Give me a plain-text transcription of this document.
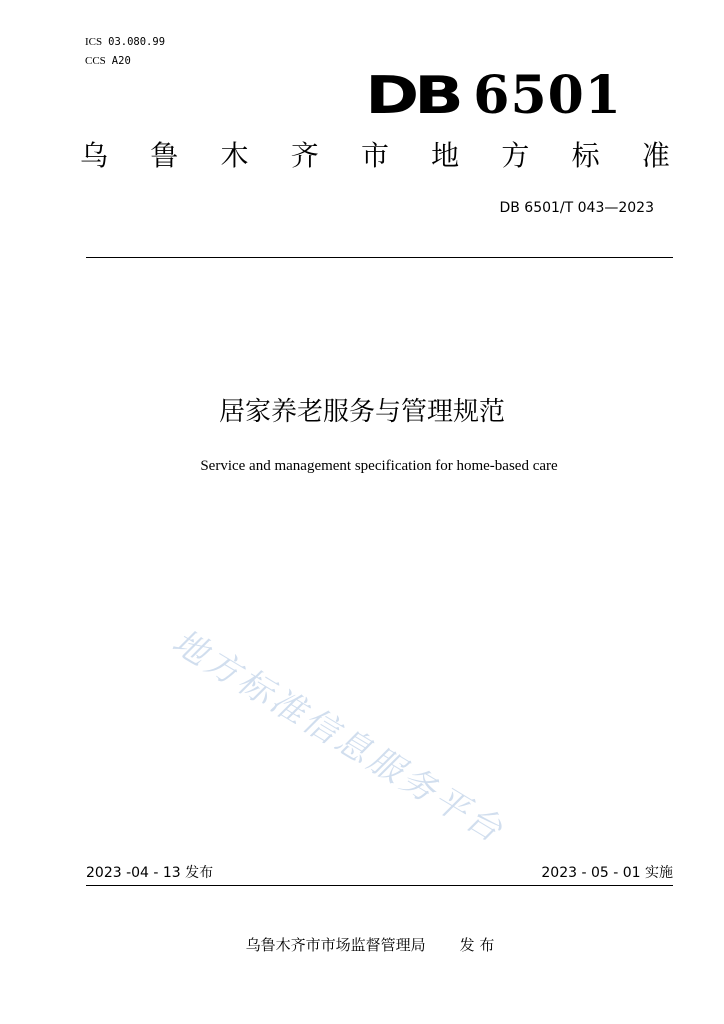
ICS 03.080.99
CCS A20
DB 6501
乌 鲁 木 齐 市 地 方 标 准
DB 6501/T 043—2023
居家养老服务与管理规范
Service and management specification for home-based care
地方标准信息服务平台
2023 -04 - 13 发布	2023 - 05 - 01 实施
乌鲁木齐市市场监督管理局 发 布
